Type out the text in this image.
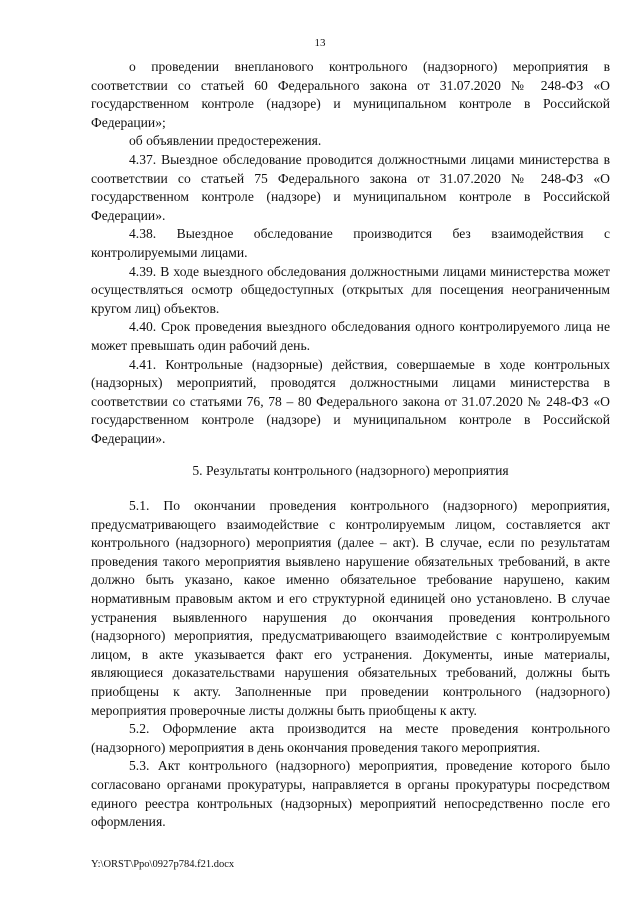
13

о проведении внепланового контрольного (надзорного) мероприятия в соответствии со статьей 60 Федерального закона от 31.07.2020 № 248-ФЗ «О государственном контроле (надзоре) и муниципальном контроле в Российской Федерации»;

об объявлении предостережения.

4.37. Выездное обследование проводится должностными лицами министерства в соответствии со статьей 75 Федерального закона от 31.07.2020 № 248-ФЗ «О государственном контроле (надзоре) и муниципальном контроле в Российской Федерации».

4.38. Выездное обследование производится без взаимодействия с контролируемыми лицами.

4.39. В ходе выездного обследования должностными лицами министерства может осуществляться осмотр общедоступных (открытых для посещения неограниченным кругом лиц) объектов.

4.40. Срок проведения выездного обследования одного контролируемого лица не может превышать один рабочий день.

4.41. Контрольные (надзорные) действия, совершаемые в ходе контрольных (надзорных) мероприятий, проводятся должностными лицами министерства в соответствии со статьями 76, 78 – 80 Федерального закона от 31.07.2020 № 248-ФЗ «О государственном контроле (надзоре) и муниципальном контроле в Российской Федерации».

5. Результаты контрольного (надзорного) мероприятия

5.1. По окончании проведения контрольного (надзорного) мероприятия, предусматривающего взаимодействие с контролируемым лицом, составляется акт контрольного (надзорного) мероприятия (далее – акт). В случае, если по результатам проведения такого мероприятия выявлено нарушение обязательных требований, в акте должно быть указано, какое именно обязательное требование нарушено, каким нормативным правовым актом и его структурной единицей оно установлено. В случае устранения выявленного нарушения до окончания проведения контрольного (надзорного) мероприятия, предусматривающего взаимодействие с контролируемым лицом, в акте указывается факт его устранения. Документы, иные материалы, являющиеся доказательствами нарушения обязательных требований, должны быть приобщены к акту. Заполненные при проведении контрольного (надзорного) мероприятия проверочные листы должны быть приобщены к акту.

5.2. Оформление акта производится на месте проведения контрольного (надзорного) мероприятия в день окончания проведения такого мероприятия.

5.3. Акт контрольного (надзорного) мероприятия, проведение которого было согласовано органами прокуратуры, направляется в органы прокуратуры посредством единого реестра контрольных (надзорных) мероприятий непосредственно после его оформления.

Y:\ORST\Ppo\0927p784.f21.docx
